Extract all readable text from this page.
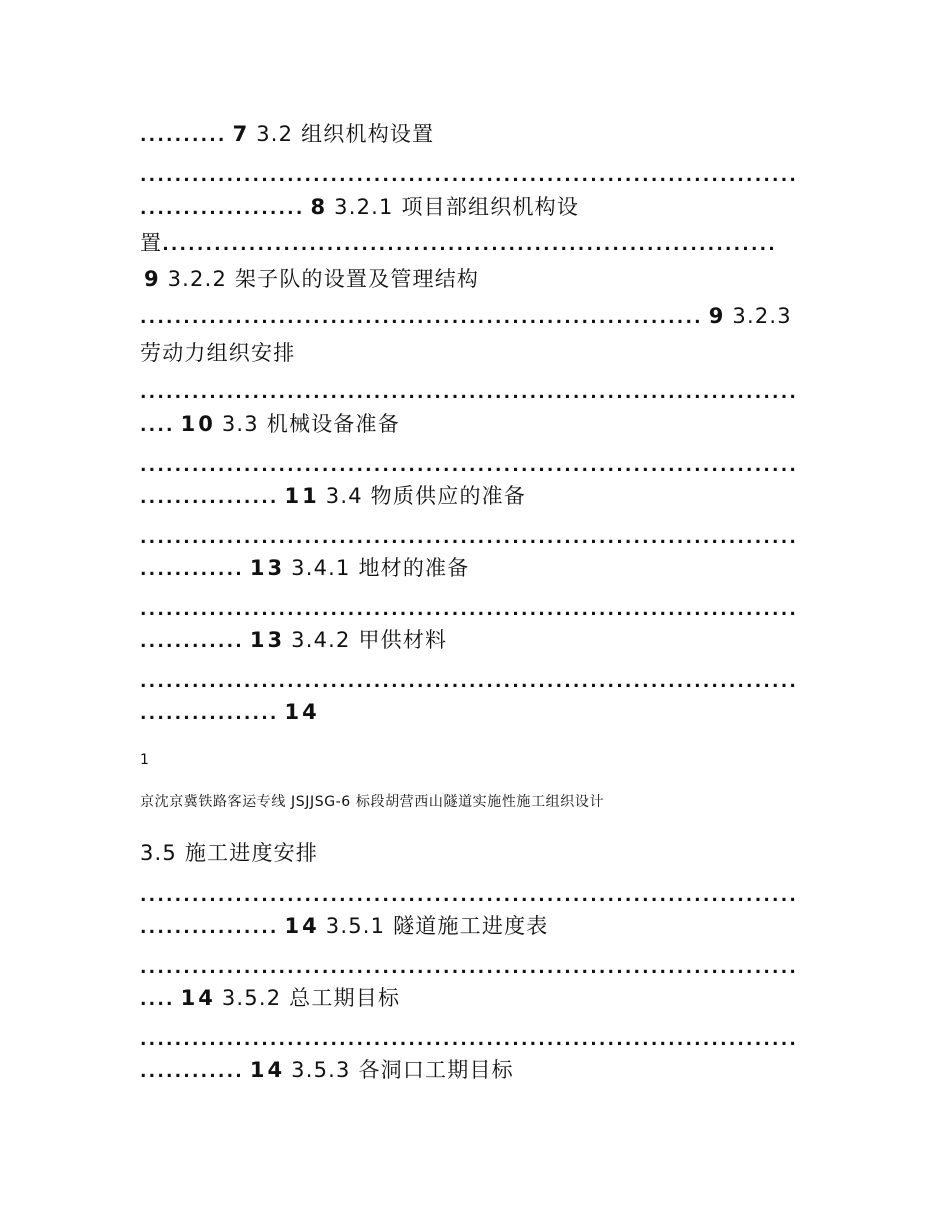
.......... 7 3.2 组织机构设置
............................................................................
................... 8 3.2.1 项目部组织机构设
置.......................................................................
9 3.2.2 架子队的设置及管理结构
................................................................. 9 3.2.3
劳动力组织安排
............................................................................
.... 10 3.3 机械设备准备
............................................................................
................ 11 3.4 物质供应的准备
............................................................................
............ 13 3.4.1 地材的准备
............................................................................
............ 13 3.4.2 甲供材料
............................................................................
................ 14
1
京沈京冀铁路客运专线 JSJJSG-6 标段胡营西山隧道实施性施工组织设计
3.5 施工进度安排
............................................................................
................ 14 3.5.1 隧道施工进度表
............................................................................
.... 14 3.5.2 总工期目标
............................................................................
............ 14 3.5.3 各洞口工期目标
